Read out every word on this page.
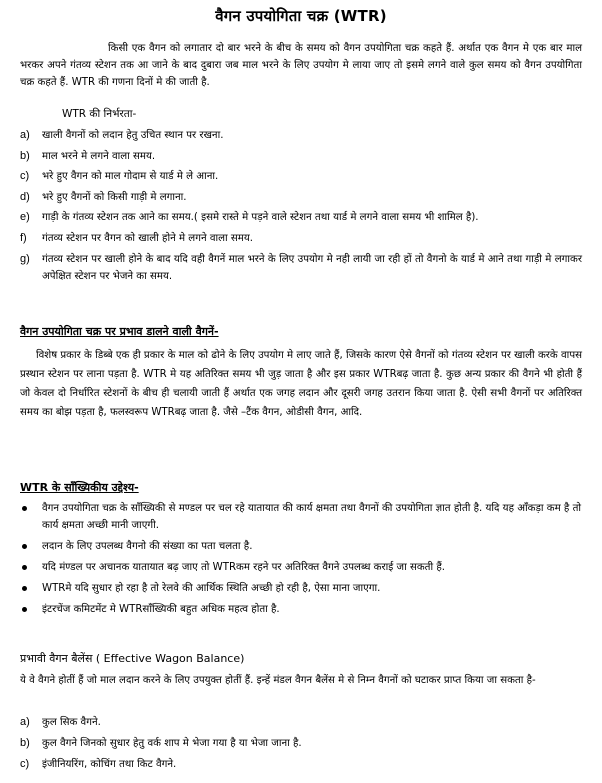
वैगन उपयोगिता चक्र (WTR)
किसी एक वैगन को लगातार दो बार भरने के बीच के समय को वैगन उपयोगिता चक्र कहते हैं. अर्थात एक वैगन मे एक बार माल भरकर अपने गंतव्य स्टेशन तक आ जाने के बाद दुबारा जब माल भरने के लिए उपयोग मे लाया जाए तो इसमे लगने वाले कुल समय को वैगन उपयोगिता चक्र कहते हैं. WTR की गणना दिनों मे की जाती है.
WTR की निर्भरता-
a) खाली वैगनों को लदान हेतु उचित स्थान पर रखना.
b) माल भरने मे लगने वाला समय.
c) भरे हुए वैगन को माल गोदाम से यार्ड मे ले आना.
d) भरे हुए वैगनों को किसी गाड़ी मे लगाना.
e) गाड़ी के गंतव्य स्टेशन तक आने का समय.( इसमे रास्ते मे पड़ने वाले स्टेशन तथा यार्ड मे लगने वाला समय भी शामिल है).
f) गंतव्य स्टेशन पर वैगन को खाली होने मे लगने वाला समय.
g) गंतव्य स्टेशन पर खाली होने के बाद यदि वही वैगनें माल भरने के लिए उपयोग मे नही लायी जा रही हों तो वैगनो के यार्ड मे आने तथा गाड़ी मे लगाकर अपेक्षित स्टेशन पर भेजने का समय.
वैगन उपयोगिता चक्र पर प्रभाव डालने वाली वैगनें-
विशेष प्रकार के डिब्बे एक ही प्रकार के माल को ढोने के लिए उपयोग मे लाए जाते हैं, जिसके कारण ऐसे वैगनों को गंतव्य स्टेशन पर खाली करके वापस प्रस्थान स्टेशन पर लाना पड़ता है. WTR मे यह अतिरिक्त समय भी जुड़ जाता है और इस प्रकार WTRबढ़ जाता है. कुछ अन्य प्रकार की वैगने भी होती हैं जो केवल दो निर्धारित स्टेशनों के बीच ही चलायी जाती हैं अर्थात एक जगह लदान और दूसरी जगह उतरान किया जाता है. ऐसी सभी वैगनों पर अतिरिक्त समय का बोझ पड़ता है, फलस्वरूप WTRबढ़ जाता है. जैसे –टैंक वैगन, ओडीसी वैगन, आदि.
WTR के साँख्यिकीय उद्देश्य-
वैगन उपयोगिता चक्र के साँख्यिकी से मण्डल पर चल रहे यातायात की कार्य क्षमता तथा वैगनों की उपयोगिता ज्ञात होती है. यदि यह आँकड़ा कम है तो कार्य क्षमता अच्छी मानी जाएगी.
लदान के लिए उपलब्ध वैगनो की संख्या का पता चलता है.
यदि मंण्डल पर अचानक यातायात बढ़ जाए तो WTRकम रहने पर अतिरिक्त वैगने उपलब्ध कराई जा सकती हैं.
WTRमे यदि सुधार हो रहा है तो रेलवे की आर्थिक स्थिति अच्छी हो रही है, ऐसा माना जाएगा.
इंटरचेंज कमिटमेंट मे WTRसाँख्यिकी बहुत अधिक महत्व होता है.
प्रभावी वैगन बैलेंस ( Effective Wagon Balance)
ये वे वैगने होतीं हैं जो माल लदान करने के लिए उपयुक्त होतीं हैं. इन्हें मंडल वैगन बैलेंस मे से निम्न वैगनों को घटाकर प्राप्त किया जा सकता है-
a) कुल सिक वैगने.
b) कुल वैगने जिनको सुधार हेतु वर्क शाप मे भेजा गया है या भेजा जाना है.
c) इंजीनियरिंग, कोचिंग तथा किट वैगने.
